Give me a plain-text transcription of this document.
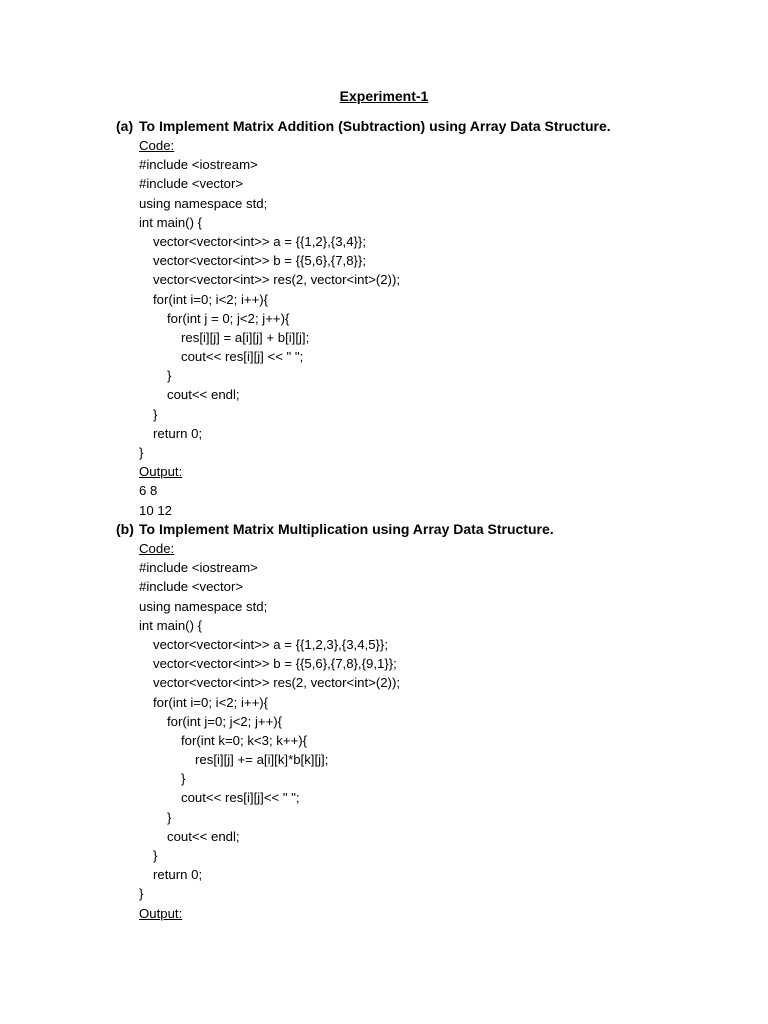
Experiment-1
(a) To Implement Matrix Addition (Subtraction) using Array Data Structure.
Code:
#include <iostream>
#include <vector>
using namespace std;
int main() {
vector<vector<int>> a = {{1,2},{3,4}};
vector<vector<int>> b = {{5,6},{7,8}};
vector<vector<int>> res(2, vector<int>(2));
for(int i=0; i<2; i++){
for(int j = 0; j<2; j++){
res[i][j] = a[i][j] + b[i][j];
cout<< res[i][j] << " ";
}
cout<< endl;
}
return 0;
}
Output:
6 8
10 12
(b) To Implement Matrix Multiplication using Array Data Structure.
Code:
#include <iostream>
#include <vector>
using namespace std;
int main() {
vector<vector<int>> a = {{1,2,3},{3,4,5}};
vector<vector<int>> b = {{5,6},{7,8},{9,1}};
vector<vector<int>> res(2, vector<int>(2));
for(int i=0; i<2; i++){
for(int j=0; j<2; j++){
for(int k=0; k<3; k++){
res[i][j] += a[i][k]*b[k][j];
}
cout<< res[i][j]<< " ";
}
cout<< endl;
}
return 0;
}
Output:
